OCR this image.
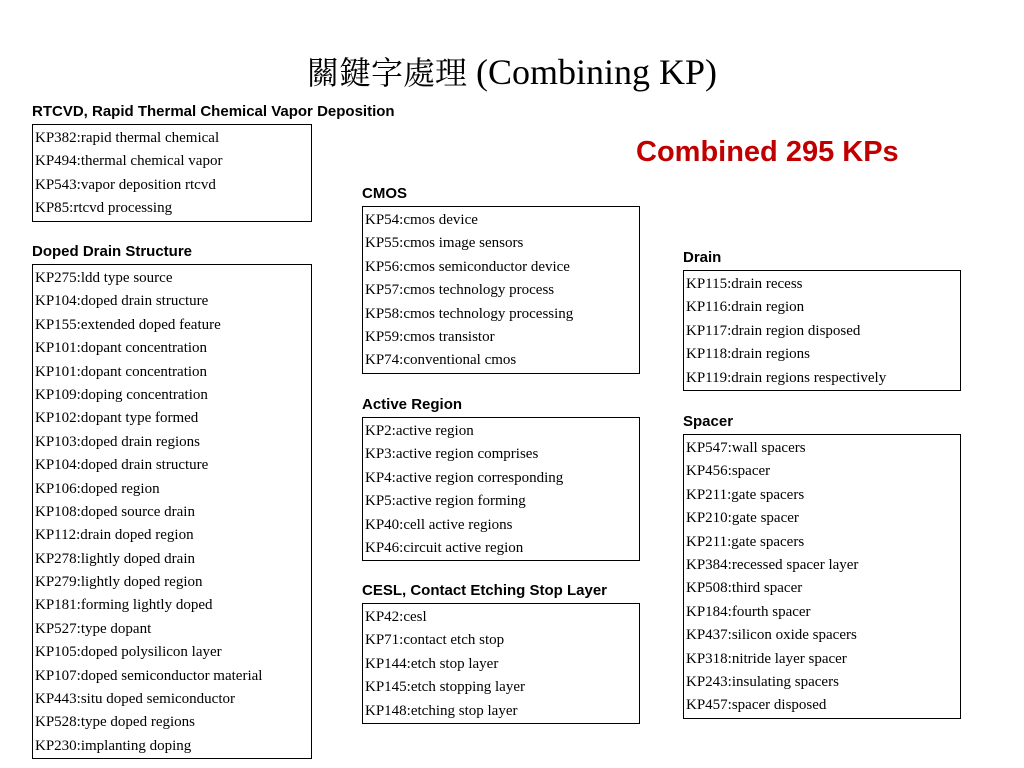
關鍵字處理 (Combining KP)
Combined 295 KPs
RTCVD, Rapid Thermal Chemical Vapor Deposition
KP382:rapid thermal chemical
KP494:thermal chemical vapor
KP543:vapor deposition rtcvd
KP85:rtcvd processing
Doped Drain Structure
KP275:ldd type source
KP104:doped drain structure
KP155:extended doped feature
KP101:dopant concentration
KP101:dopant concentration
KP109:doping concentration
KP102:dopant type formed
KP103:doped drain regions
KP104:doped drain structure
KP106:doped region
KP108:doped source drain
KP112:drain doped region
KP278:lightly doped drain
KP279:lightly doped region
KP181:forming lightly doped
KP527:type dopant
KP105:doped polysilicon layer
KP107:doped semiconductor material
KP443:situ doped semiconductor
KP528:type doped regions
KP230:implanting doping
CMOS
KP54:cmos device
KP55:cmos image sensors
KP56:cmos semiconductor device
KP57:cmos technology process
KP58:cmos technology processing
KP59:cmos transistor
KP74:conventional cmos
Active Region
KP2:active region
KP3:active region comprises
KP4:active region corresponding
KP5:active region forming
KP40:cell active regions
KP46:circuit active region
CESL, Contact Etching Stop Layer
KP42:cesl
KP71:contact etch stop
KP144:etch stop layer
KP145:etch stopping layer
KP148:etching stop layer
Drain
KP115:drain recess
KP116:drain region
KP117:drain region disposed
KP118:drain regions
KP119:drain regions respectively
Spacer
KP547:wall spacers
KP456:spacer
KP211:gate spacers
KP210:gate spacer
KP211:gate spacers
KP384:recessed spacer layer
KP508:third spacer
KP184:fourth spacer
KP437:silicon oxide spacers
KP318:nitride layer spacer
KP243:insulating spacers
KP457:spacer disposed
